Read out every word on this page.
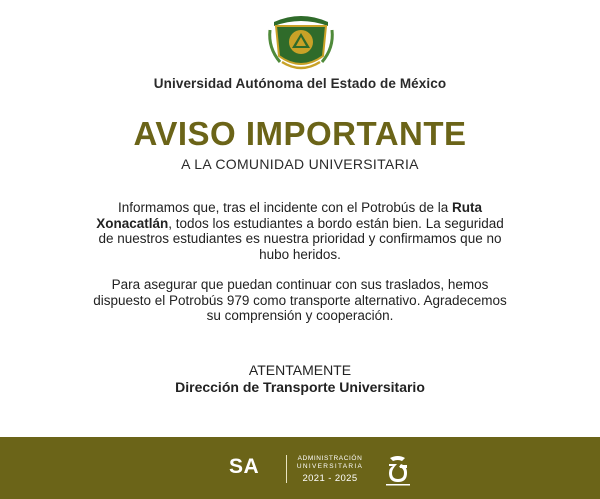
Universidad Autónoma del Estado de México
AVISO IMPORTANTE
A LA COMUNIDAD UNIVERSITARIA

Informamos que, tras el incidente con el Potrobús de la Ruta Xonacatlán, todos los estudiantes a bordo están bien. La seguridad de nuestros estudiantes es nuestra prioridad y confirmamos que no hubo heridos.

Para asegurar que puedan continuar con sus traslados, hemos dispuesto el Potrobús 979 como transporte alternativo. Agradecemos su comprensión y cooperación.

ATENTAMENTE
Dirección de Transporte Universitario
SA	ADMINISTRACIÓN
UNIVERSITARIA
2021 - 2025
